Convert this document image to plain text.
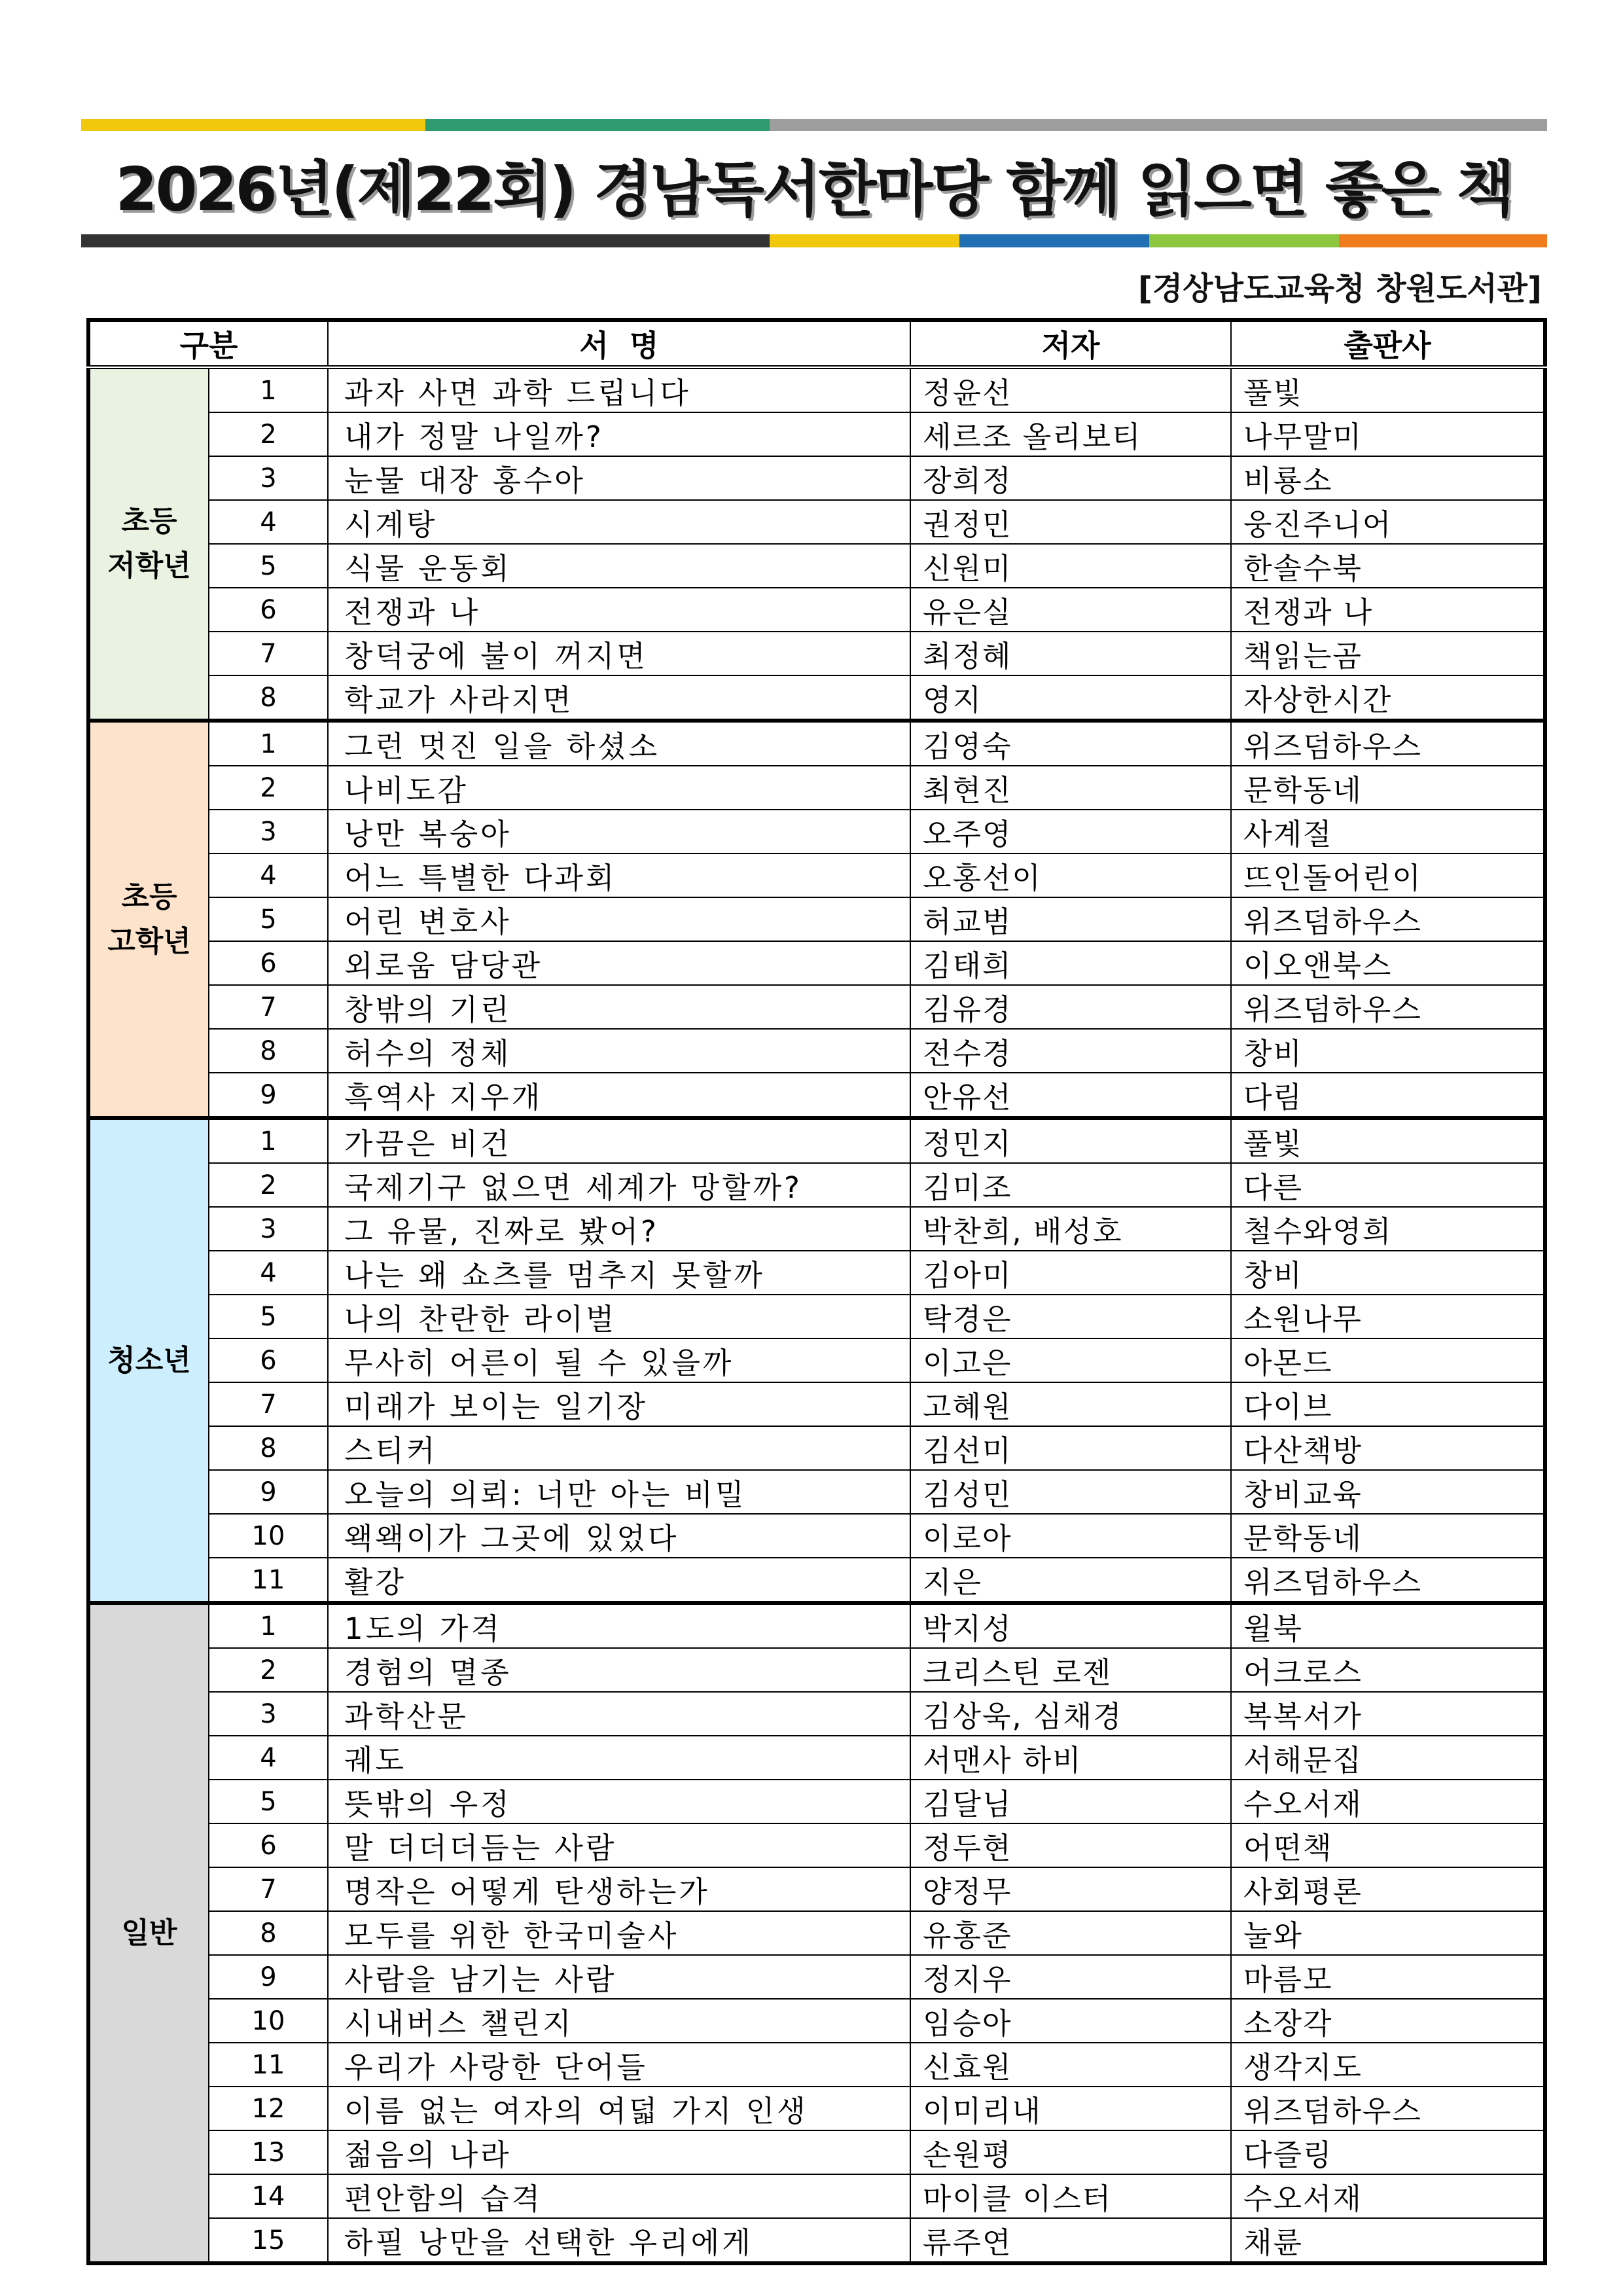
2026년(제22회) 경남독서한마당 함께 읽으면 좋은 책
[경상남도교육청 창원도서관]
구분		서  명	저자	출판사
초등
저학년	1	과자 사면 과학 드립니다	정윤선	풀빛
	2	내가 정말 나일까?	세르조 올리보티	나무말미
	3	눈물 대장 홍수아	장희정	비룡소
	4	시계탕	권정민	웅진주니어
	5	식물 운동회	신원미	한솔수북
	6	전쟁과 나	유은실	전쟁과 나
	7	창덕궁에 불이 꺼지면	최정혜	책읽는곰
	8	학교가 사라지면	영지	자상한시간
초등
고학년	1	그런 멋진 일을 하셨소	김영숙	위즈덤하우스
	2	나비도감	최현진	문학동네
	3	낭만 복숭아	오주영	사계절
	4	어느 특별한 다과회	오홍선이	뜨인돌어린이
	5	어린 변호사	허교범	위즈덤하우스
	6	외로움 담당관	김태희	이오앤북스
	7	창밖의 기린	김유경	위즈덤하우스
	8	허수의 정체	전수경	창비
	9	흑역사 지우개	안유선	다림
청소년	1	가끔은 비건	정민지	풀빛
	2	국제기구 없으면 세계가 망할까?	김미조	다른
	3	그 유물, 진짜로 봤어?	박찬희, 배성호	철수와영희
	4	나는 왜 쇼츠를 멈추지 못할까	김아미	창비
	5	나의 찬란한 라이벌	탁경은	소원나무
	6	무사히 어른이 될 수 있을까	이고은	아몬드
	7	미래가 보이는 일기장	고혜원	다이브
	8	스티커	김선미	다산책방
	9	오늘의 의뢰: 너만 아는 비밀	김성민	창비교육
	10	왝왝이가 그곳에 있었다	이로아	문학동네
	11	활강	지은	위즈덤하우스
일반	1	1도의 가격	박지성	윌북
	2	경험의 멸종	크리스틴 로젠	어크로스
	3	과학산문	김상욱, 심채경	복복서가
	4	궤도	서맨사 하비	서해문집
	5	뜻밖의 우정	김달님	수오서재
	6	말 더더더듬는 사람	정두현	어떤책
	7	명작은 어떻게 탄생하는가	양정무	사회평론
	8	모두를 위한 한국미술사	유홍준	눌와
	9	사람을 남기는 사람	정지우	마름모
	10	시내버스 챌린지	임승아	소장각
	11	우리가 사랑한 단어들	신효원	생각지도
	12	이름 없는 여자의 여덟 가지 인생	이미리내	위즈덤하우스
	13	젊음의 나라	손원평	다즐링
	14	편안함의 습격	마이클 이스터	수오서재
	15	하필 낭만을 선택한 우리에게	류주연	채륜
